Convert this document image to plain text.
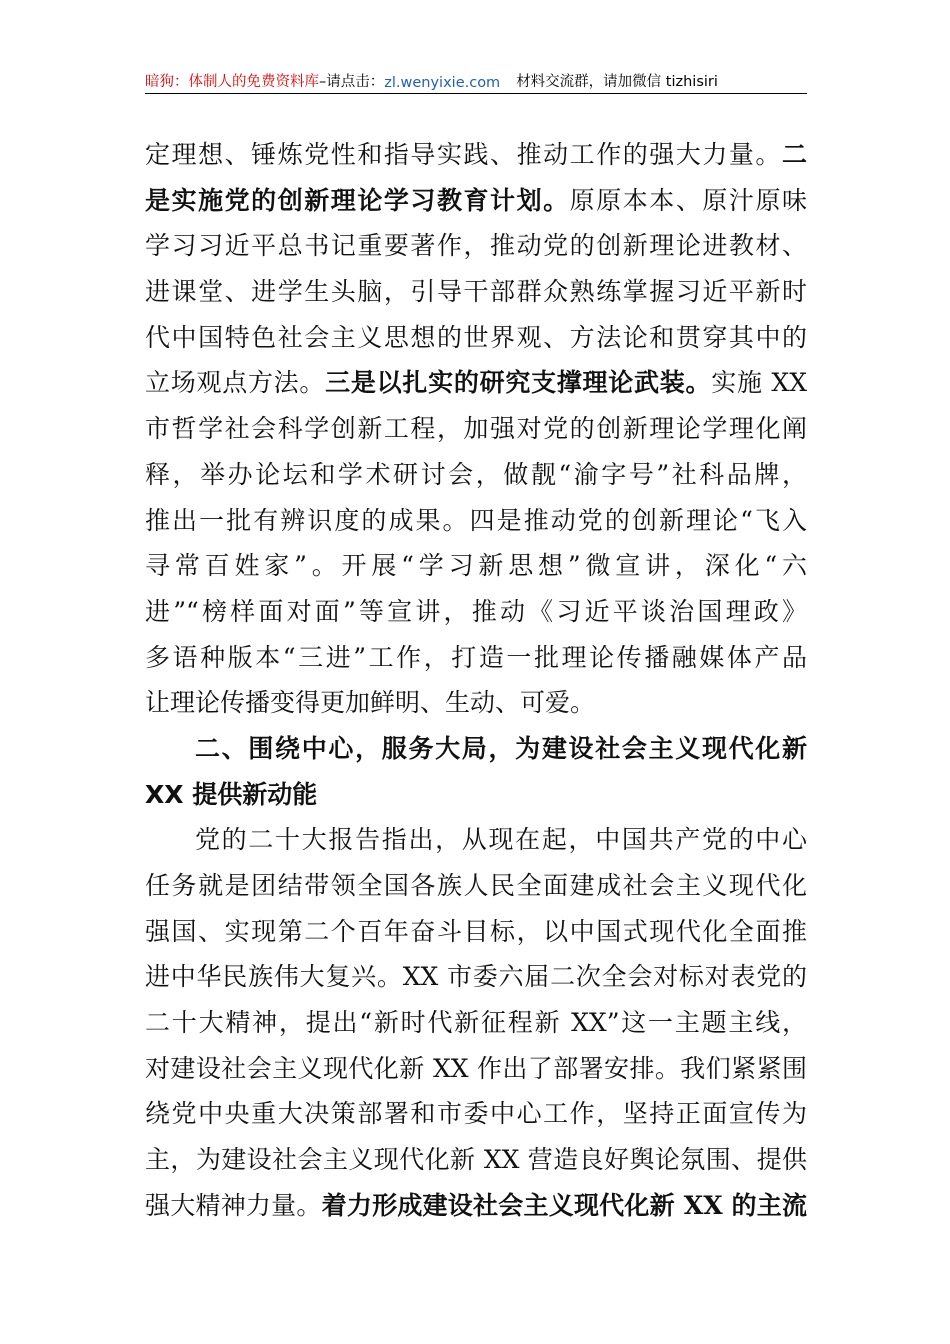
暗狗：体制人的免费资料库 –请点击： zl.wenyixie.com 材料交流群，请加微信 tizhisiri
定理想、锤炼党性和指导实践、推动工作的强大力量。二
是实施党的创新理论学习教育计划。原原本本、原汁原味
学习习近平总书记重要著作，推动党的创新理论进教材、
进课堂、进学生头脑，引导干部群众熟练掌握习近平新时
代中国特色社会主义思想的世界观、方法论和贯穿其中的
立场观点方法。三是以扎实的研究支撑理论武装。实施 XX
市哲学社会科学创新工程，加强对党的创新理论学理化阐
释，举办论坛和学术研讨会，做靓“渝字号”社科品牌，
推出一批有辨识度的成果。四是推动党的创新理论“飞入
寻常百姓家”。开展“学习新思想”微宣讲，深化“六
进”“榜样面对面”等宣讲，推动《习近平谈治国理政》
多语种版本“三进”工作，打造一批理论传播融媒体产品
让理论传播变得更加鲜明、生动、可爱。
二、围绕中心，服务大局，为建设社会主义现代化新
XX 提供新动能
党的二十大报告指出，从现在起，中国共产党的中心
任务就是团结带领全国各族人民全面建成社会主义现代化
强国、实现第二个百年奋斗目标，以中国式现代化全面推
进中华民族伟大复兴。XX 市委六届二次全会对标对表党的
二十大精神，提出“新时代新征程新 XX”这一主题主线，
对建设社会主义现代化新 XX 作出了部署安排。我们紧紧围
绕党中央重大决策部署和市委中心工作，坚持正面宣传为
主，为建设社会主义现代化新 XX 营造良好舆论氛围、提供
强大精神力量。着力形成建设社会主义现代化新 XX 的主流
